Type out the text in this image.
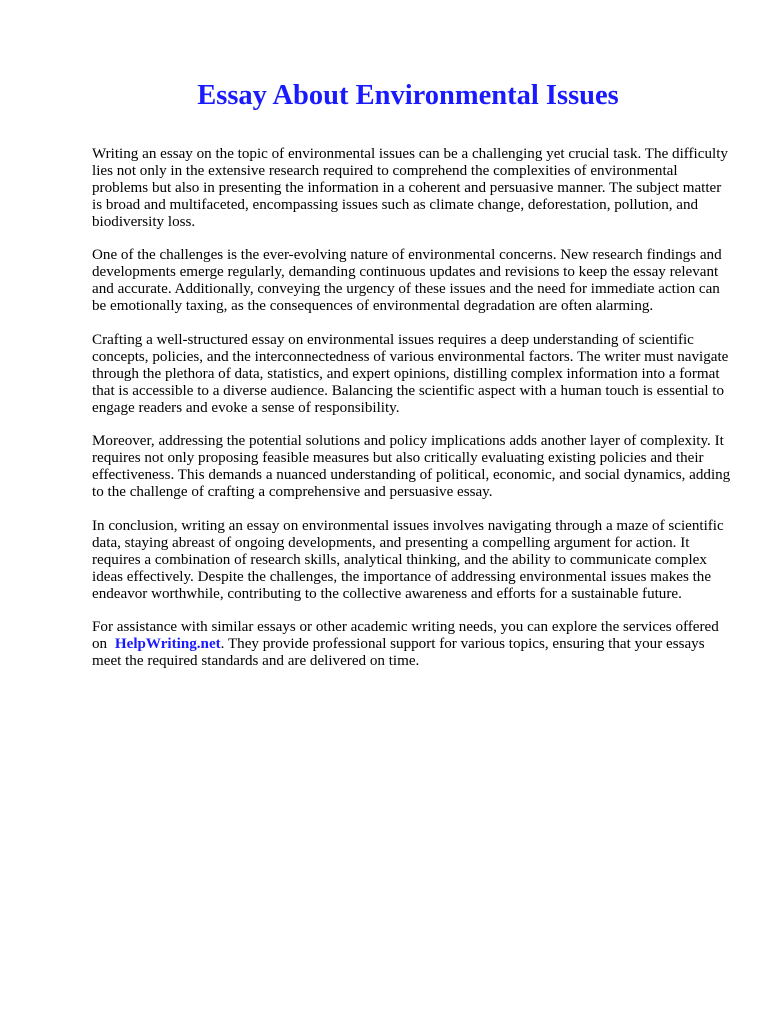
Essay About Environmental Issues

Writing an essay on the topic of environmental issues can be a challenging yet crucial task. The difficulty lies not only in the extensive research required to comprehend the complexities of environmental problems but also in presenting the information in a coherent and persuasive manner. The subject matter is broad and multifaceted, encompassing issues such as climate change, deforestation, pollution, and biodiversity loss.

One of the challenges is the ever-evolving nature of environmental concerns. New research findings and developments emerge regularly, demanding continuous updates and revisions to keep the essay relevant and accurate. Additionally, conveying the urgency of these issues and the need for immediate action can be emotionally taxing, as the consequences of environmental degradation are often alarming.

Crafting a well-structured essay on environmental issues requires a deep understanding of scientific concepts, policies, and the interconnectedness of various environmental factors. The writer must navigate through the plethora of data, statistics, and expert opinions, distilling complex information into a format that is accessible to a diverse audience. Balancing the scientific aspect with a human touch is essential to engage readers and evoke a sense of responsibility.

Moreover, addressing the potential solutions and policy implications adds another layer of complexity. It requires not only proposing feasible measures but also critically evaluating existing policies and their effectiveness. This demands a nuanced understanding of political, economic, and social dynamics, adding to the challenge of crafting a comprehensive and persuasive essay.

In conclusion, writing an essay on environmental issues involves navigating through a maze of scientific data, staying abreast of ongoing developments, and presenting a compelling argument for action. It requires a combination of research skills, analytical thinking, and the ability to communicate complex ideas effectively. Despite the challenges, the importance of addressing environmental issues makes the endeavor worthwhile, contributing to the collective awareness and efforts for a sustainable future.

For assistance with similar essays or other academic writing needs, you can explore the services offered on HelpWriting.net. They provide professional support for various topics, ensuring that your essays meet the required standards and are delivered on time.
